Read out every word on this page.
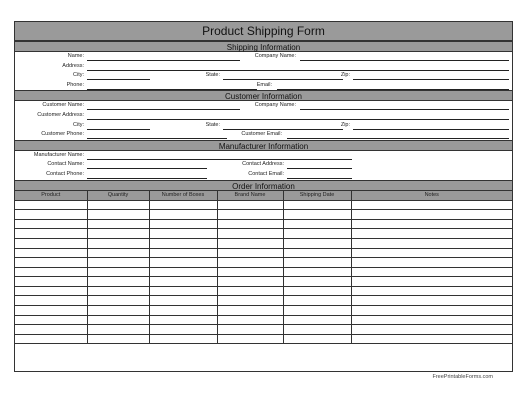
Product Shipping Form
Shipping Information
Name:	Company Name:
Address:
City:	State:	Zip:
Phone:	Email:
Customer Information
Customer Name:	Company Name:
Customer Address:
City:	State:	Zip:
Customer Phone:	Customer Email:
Manufacturer Information
Manufacturer Name:
Contact Name:	Contact Address:
Contact Phone:	Contact Email:
Order Information
Product	Quantity	Number of Boxes	Brand Name	Shipping Date	Notes

FreePrintableForms.com
